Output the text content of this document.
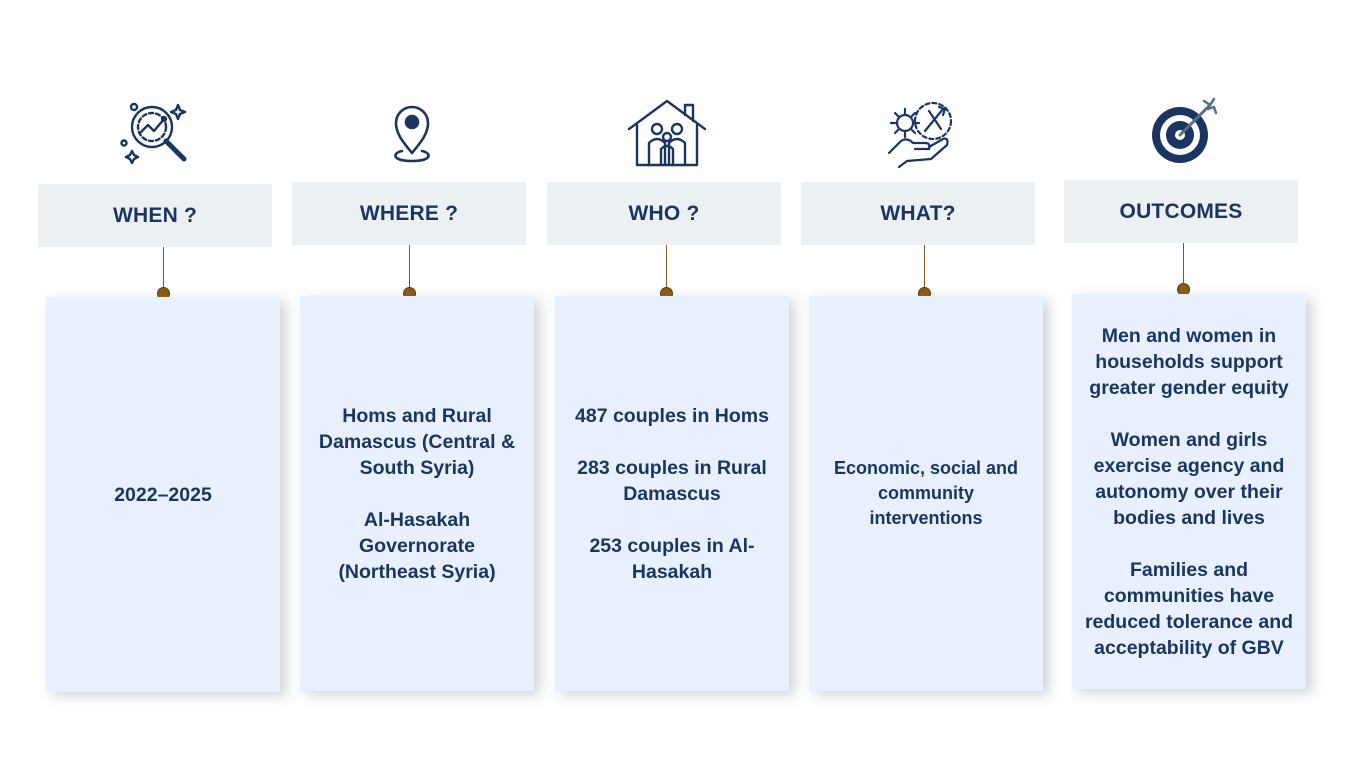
WHEN ?

2022–2025

WHERE ?

Homs and Rural Damascus (Central & South Syria)

Al-Hasakah Governorate (Northeast Syria)

WHO ?

487 couples in Homs

283 couples in Rural Damascus

253 couples in Al-Hasakah

WHAT?

Economic, social and community interventions

OUTCOMES

Men and women in households support greater gender equity

Women and girls exercise agency and autonomy over their bodies and lives

Families and communities have reduced tolerance and acceptability of GBV
